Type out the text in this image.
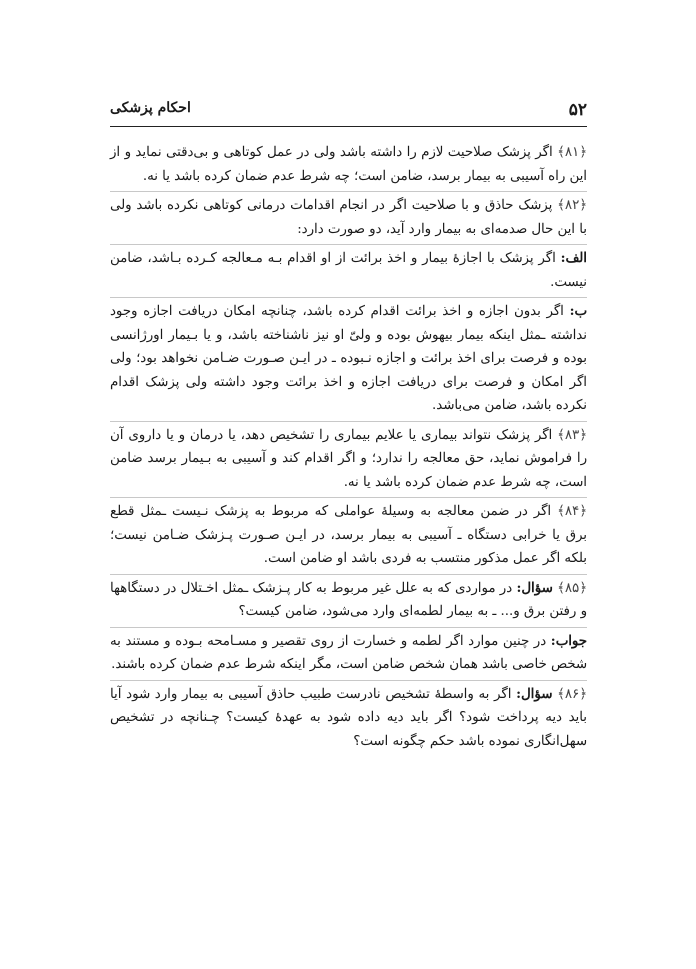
۵۲
احکام پزشکی

﴿۸۱﴾ اگر پزشک صلاحیت لازم را داشته باشد ولی در عمل کوتاهی و بی‌دقتی نماید و از این راه آسیبی به بیمار برسد، ضامن است؛ چه شرط عدم ضمان کرده باشد یا نه.

﴿۸۲﴾ پزشک حاذق و با صلاحیت اگر در انجام اقدامات درمانی کوتاهی نکرده باشد ولی با این حال صدمه‌ای به بیمار وارد آید، دو صورت دارد:

الف: اگر پزشک با اجازهٔ بیمار و اخذ برائت از او اقدام بـه مـعالجه کـرده بـاشد، ضامن نیست.

ب: اگر بدون اجازه و اخذ برائت اقدام کرده باشد، چنانچه امکان دریافت اجازه وجود نداشته ـمثل اینکه بیمار بیهوش بوده و ولیّ او نیز ناشناخته باشد، و یا بـیمار اورژانسی بوده و فرصت برای اخذ برائت و اجازه نـبوده ـ در ایـن صـورت ضـامن نخواهد بود؛ ولی اگر امکان و فرصت برای دریافت اجازه و اخذ برائت وجود داشته ولی پزشک اقدام نکرده باشد، ضامن می‌باشد.

﴿۸۳﴾ اگر پزشک نتواند بیماری یا علایم بیماری را تشخیص دهد، یا درمان و یا داروی آن را فراموش نماید، حق معالجه را ندارد؛ و اگر اقدام کند و آسیبی به بـیمار برسد ضامن است، چه شرط عدم ضمان کرده باشد یا نه.

﴿۸۴﴾ اگر در ضمن معالجه به وسیلهٔ عواملی که مربوط به پزشک نـیست ـمثل قطع برق یا خرابی دستگاه ـ آسیبی به بیمار برسد، در ایـن صـورت پـزشک ضـامن نیست؛ بلکه اگر عمل مذکور منتسب به فردی باشد او ضامن است.

﴿۸۵﴾ سؤال: در مواردی که به علل غیر مربوط به کار پـزشک ـمثل اخـتلال در دستگاهها و رفتن برق و... ـ به بیمار لطمه‌ای وارد می‌شود، ضامن کیست؟

جواب: در چنین موارد اگر لطمه و خسارت از روی تقصیر و مسـامحه بـوده و مستند به شخص خاصی باشد همان شخص ضامن است، مگر اینکه شرط عدم ضمان کرده باشند.

﴿۸۶﴾ سؤال: اگر به واسطهٔ تشخیص نادرست طبیب حاذق آسیبی به بیمار وارد شود آیا باید دیه پرداخت شود؟ اگر باید دیه داده شود به عهدهٔ کیست؟ چـنانچه در تشخیص سهل‌انگاری نموده باشد حکم چگونه است؟
